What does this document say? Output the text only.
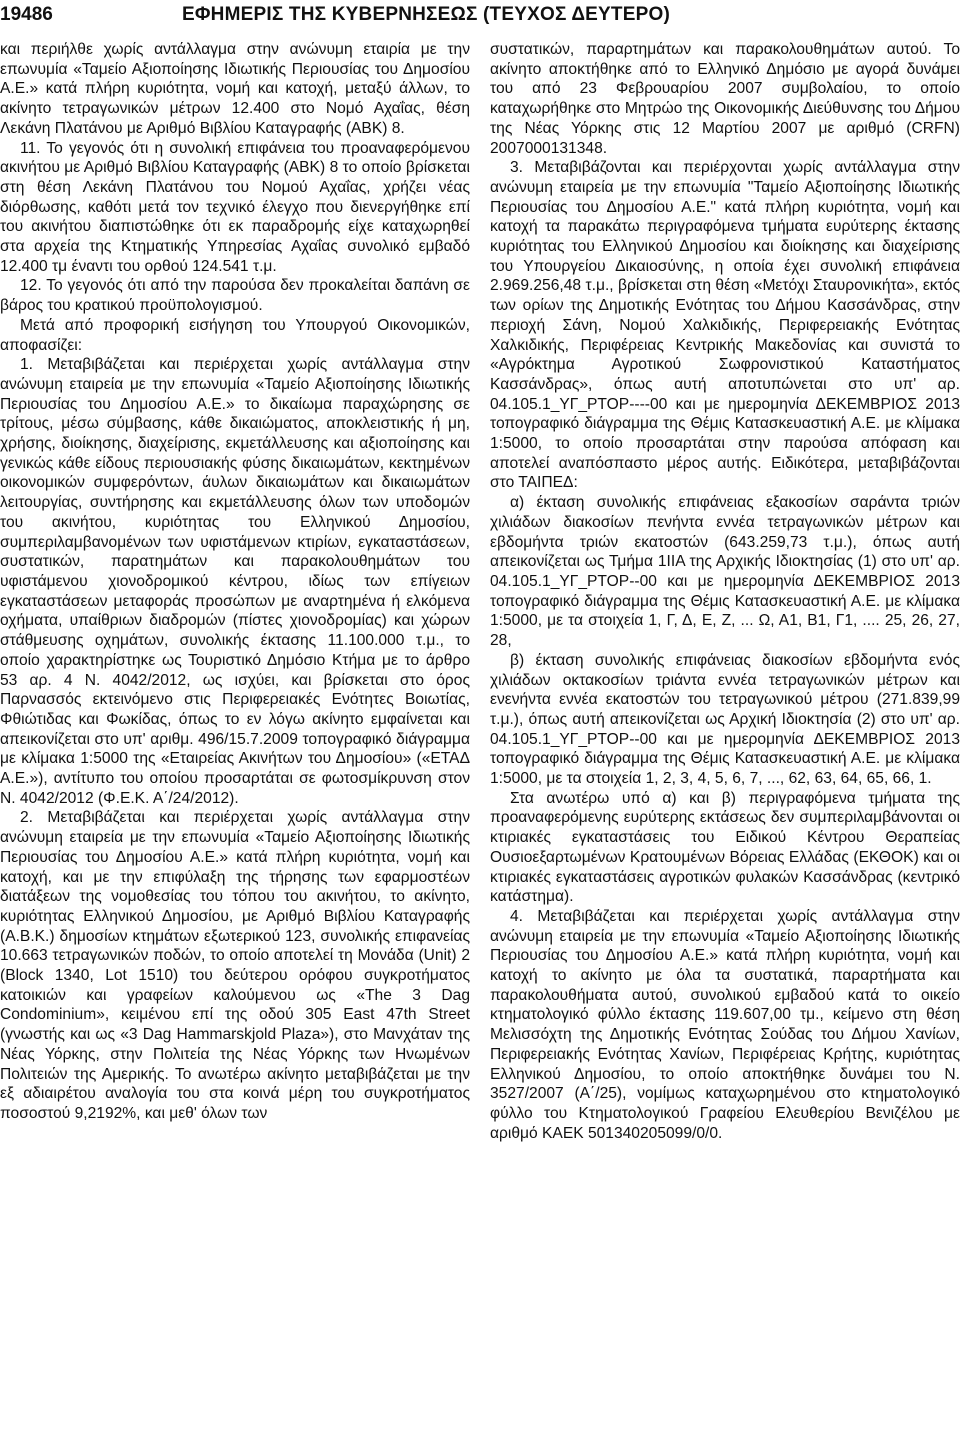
19486	ΕΦΗΜΕΡΙΣ ΤΗΣ ΚΥΒΕΡΝΗΣΕΩΣ (ΤΕΥΧΟΣ ΔΕΥΤΕΡΟ)

και περιήλθε χωρίς αντάλλαγμα στην ανώνυμη εταιρία με την επωνυμία «Ταμείο Αξιοποίησης Ιδιωτικής Περιουσίας του Δημοσίου Α.Ε.» κατά πλήρη κυριότητα, νομή και κατοχή, μεταξύ άλλων, το ακίνητο τετραγωνικών μέτρων 12.400 στο Νομό Αχαΐας, θέση Λεκάνη Πλατάνου με Αριθμό Βιβλίου Καταγραφής (ΑΒΚ) 8.

11. Το γεγονός ότι η συνολική επιφάνεια του προαναφερόμενου ακινήτου με Αριθμό Βιβλίου Καταγραφής (ΑΒΚ) 8 το οποίο βρίσκεται στη θέση Λεκάνη Πλατάνου του Νομού Αχαΐας, χρήζει νέας διόρθωσης, καθότι μετά τον τεχνικό έλεγχο που διενεργήθηκε επί του ακινήτου διαπιστώθηκε ότι εκ παραδρομής είχε καταχωρηθεί στα αρχεία της Κτηματικής Υπηρεσίας Αχαΐας συνολικό εμβαδό 12.400 τμ έναντι του ορθού 124.541 τ.μ.

12. Το γεγονός ότι από την παρούσα δεν προκαλείται δαπάνη σε βάρος του κρατικού προϋπολογισμού.

Μετά από προφορική εισήγηση του Υπουργού Οικονομικών, αποφασίζει:

1. Μεταβιβάζεται και περιέρχεται χωρίς αντάλλαγμα στην ανώνυμη εταιρεία με την επωνυμία «Ταμείο Αξιοποίησης Ιδιωτικής Περιουσίας του Δημοσίου Α.Ε.» το δικαίωμα παραχώρησης σε τρίτους, μέσω σύμβασης, κάθε δικαιώματος, αποκλειστικής ή μη, χρήσης, διοίκησης, διαχείρισης, εκμετάλλευσης και αξιοποίησης και γενικώς κάθε είδους περιουσιακής φύσης δικαιωμάτων, κεκτημένων οικονομικών συμφερόντων, άυλων δικαιωμάτων και δικαιωμάτων λειτουργίας, συντήρησης και εκμετάλλευσης όλων των υποδομών του ακινήτου, κυριότητας του Ελληνικού Δημοσίου, συμπεριλαμβανομένων των υφιστάμενων κτιρίων, εγκαταστάσεων, συστατικών, παρατημάτων και παρακολουθημάτων του υφιστάμενου χιονοδρομικού κέντρου, ιδίως των επίγειων εγκαταστάσεων μεταφοράς προσώπων με αναρτημένα ή ελκόμενα οχήματα, υπαίθριων διαδρομών (πίστες χιονοδρομίας) και χώρων στάθμευσης οχημάτων, συνολικής έκτασης 11.100.000 τ.μ., το οποίο χαρακτηρίστηκε ως Τουριστικό Δημόσιο Κτήμα με το άρθρο 53 αρ. 4 Ν. 4042/2012, ως ισχύει, και βρίσκεται στο όρος Παρνασσός εκτεινόμενο στις Περιφερειακές Ενότητες Βοιωτίας, Φθιώτιδας και Φωκίδας, όπως το εν λόγω ακίνητο εμφαίνεται και απεικονίζεται στο υπ' αριθμ. 496/15.7.2009 τοπογραφικό διάγραμμα με κλίμακα 1:5000 της «Εταιρείας Ακινήτων του Δημοσίου» («ΕΤΑΔ Α.Ε.»), αντίτυπο του οποίου προσαρτάται σε φωτοσμίκρυνση στον Ν. 4042/2012 (Φ.Ε.Κ. Α΄/24/2012).

2. Μεταβιβάζεται και περιέρχεται χωρίς αντάλλαγμα στην ανώνυμη εταιρεία με την επωνυμία «Ταμείο Αξιοποίησης Ιδιωτικής Περιουσίας του Δημοσίου Α.Ε.» κατά πλήρη κυριότητα, νομή και κατοχή, και με την επιφύλαξη της τήρησης των εφαρμοστέων διατάξεων της νομοθεσίας του τόπου του ακινήτου, το ακίνητο, κυριότητας Ελληνικού Δημοσίου, με Αριθμό Βιβλίου Καταγραφής (Α.Β.Κ.) δημοσίων κτημάτων εξωτερικού 123, συνολικής επιφανείας 10.663 τετραγωνικών ποδών, το οποίο αποτελεί τη Μονάδα (Unit) 2 (Block 1340, Lot 1510) του δεύτερου ορόφου συγκροτήματος κατοικιών και γραφείων καλούμενου ως «The 3 Dag Condominium», κειμένου επί της οδού 305 East 47th Street (γνωστής και ως «3 Dag Hammarskjold Plaza»), στο Μανχάταν της Νέας Υόρκης, στην Πολιτεία της Νέας Υόρκης των Ηνωμένων Πολιτειών της Αμερικής. Το ανωτέρω ακίνητο μεταβιβάζεται με την εξ αδιαιρέτου αναλογία του στα κοινά μέρη του συγκροτήματος ποσοστού 9,2192%, και μεθ' όλων των

συστατικών, παραρτημάτων και παρακολουθημάτων αυτού. Το ακίνητο αποκτήθηκε από το Ελληνικό Δημόσιο με αγορά δυνάμει του από 23 Φεβρουαρίου 2007 συμβολαίου, το οποίο καταχωρήθηκε στο Μητρώο της Οικονομικής Διεύθυνσης του Δήμου της Νέας Υόρκης στις 12 Μαρτίου 2007 με αριθμό (CRFN) 2007000131348.

3. Μεταβιβάζονται και περιέρχονται χωρίς αντάλλαγμα στην ανώνυμη εταιρεία με την επωνυμία "Ταμείο Αξιοποίησης Ιδιωτικής Περιουσίας του Δημοσίου Α.Ε." κατά πλήρη κυριότητα, νομή και κατοχή τα παρακάτω περιγραφόμενα τμήματα ευρύτερης έκτασης κυριότητας του Ελληνικού Δημοσίου και διοίκησης και διαχείρισης του Υπουργείου Δικαιοσύνης, η οποία έχει συνολική επιφάνεια 2.969.256,48 τ.μ., βρίσκεται στη θέση «Μετόχι Σταυρονικήτα», εκτός των ορίων της Δημοτικής Ενότητας του Δήμου Κασσάνδρας, στην περιοχή Σάνη, Νομού Χαλκιδικής, Περιφερειακής Ενότητας Χαλκιδικής, Περιφέρειας Κεντρικής Μακεδονίας και συνιστά το «Αγρόκτημα Αγροτικού Σωφρονιστικού Καταστήματος Κασσάνδρας», όπως αυτή αποτυπώνεται στο υπ' αρ. 04.105.1_ΥΓ_ΡΤΟΡ----00 και με ημερομηνία ΔΕΚΕΜΒΡΙΟΣ 2013 τοπογραφικό διάγραμμα της Θέμις Κατασκευαστική Α.Ε. με κλίμακα 1:5000, το οποίο προσαρτάται στην παρούσα απόφαση και αποτελεί αναπόσπαστο μέρος αυτής. Ειδικότερα, μεταβιβάζονται στο ΤΑΙΠΕΔ:

α) έκταση συνολικής επιφάνειας εξακοσίων σαράντα τριών χιλιάδων διακοσίων πενήντα εννέα τετραγωνικών μέτρων και εβδομήντα τριών εκατοστών (643.259,73 τ.μ.), όπως αυτή απεικονίζεται ως Τμήμα 1ΙΙΑ της Αρχικής Ιδιοκτησίας (1) στο υπ' αρ. 04.105.1_ΥΓ_ΡΤΟΡ--00 και με ημερομηνία ΔΕΚΕΜΒΡΙΟΣ 2013 τοπογραφικό διάγραμμα της Θέμις Κατασκευαστική Α.Ε. με κλίμακα 1:5000, με τα στοιχεία 1, Γ, Δ, Ε, Ζ, ... Ω, Α1, Β1, Γ1, .... 25, 26, 27, 28,

β) έκταση συνολικής επιφάνειας διακοσίων εβδομήντα ενός χιλιάδων οκτακοσίων τριάντα εννέα τετραγωνικών μέτρων και ενενήντα εννέα εκατοστών του τετραγωνικού μέτρου (271.839,99 τ.μ.), όπως αυτή απεικονίζεται ως Αρχική Ιδιοκτησία (2) στο υπ' αρ. 04.105.1_ΥΓ_ΡΤΟΡ--00 και με ημερομηνία ΔΕΚΕΜΒΡΙΟΣ 2013 τοπογραφικό διάγραμμα της Θέμις Κατασκευαστική Α.Ε. με κλίμακα 1:5000, με τα στοιχεία 1, 2, 3, 4, 5, 6, 7, ..., 62, 63, 64, 65, 66, 1.

Στα ανωτέρω υπό α) και β) περιγραφόμενα τμήματα της προαναφερόμενης ευρύτερης εκτάσεως δεν συμπεριλαμβάνονται οι κτιριακές εγκαταστάσεις του Ειδικού Κέντρου Θεραπείας Ουσιοεξαρτωμένων Κρατουμένων Βόρειας Ελλάδας (ΕΚΘΟΚ) και οι κτιριακές εγκαταστάσεις αγροτικών φυλακών Κασσάνδρας (κεντρικό κατάστημα).

4. Μεταβιβάζεται και περιέρχεται χωρίς αντάλλαγμα στην ανώνυμη εταιρεία με την επωνυμία «Ταμείο Αξιοποίησης Ιδιωτικής Περιουσίας του Δημοσίου Α.Ε.» κατά πλήρη κυριότητα, νομή και κατοχή το ακίνητο με όλα τα συστατικά, παραρτήματα και παρακολουθήματα αυτού, συνολικού εμβαδού κατά το οικείο κτηματολογικό φύλλο έκτασης 119.607,00 τμ., κείμενο στη θέση Μελισσόχτη της Δημοτικής Ενότητας Σούδας του Δήμου Χανίων, Περιφερειακής Ενότητας Χανίων, Περιφέρειας Κρήτης, κυριότητας Ελληνικού Δημοσίου, το οποίο αποκτήθηκε δυνάμει του Ν. 3527/2007 (Α΄/25), νομίμως καταχωρημένου στο κτηματολογικό φύλλο του Κτηματολογικού Γραφείου Ελευθερίου Βενιζέλου με αριθμό ΚΑΕΚ 501340205099/0/0.
